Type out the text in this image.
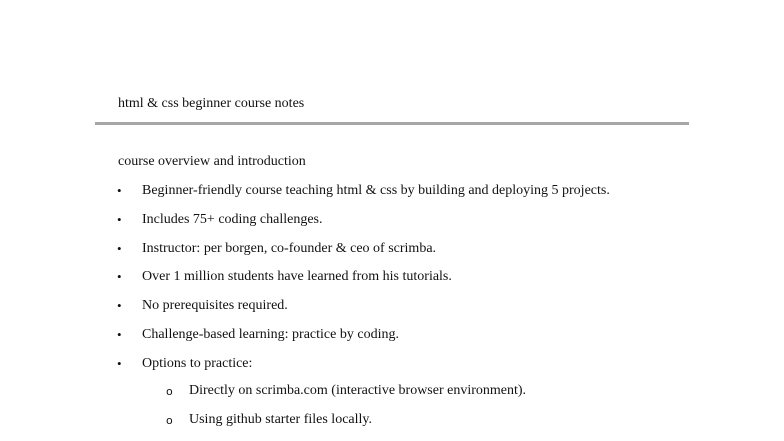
html & css beginner course notes
course overview and introduction
• Beginner-friendly course teaching html & css by building and deploying 5 projects.
• Includes 75+ coding challenges.
• Instructor: per borgen, co-founder & ceo of scrimba.
• Over 1 million students have learned from his tutorials.
• No prerequisites required.
• Challenge-based learning: practice by coding.
• Options to practice:
o Directly on scrimba.com (interactive browser environment).
o Using github starter files locally.
